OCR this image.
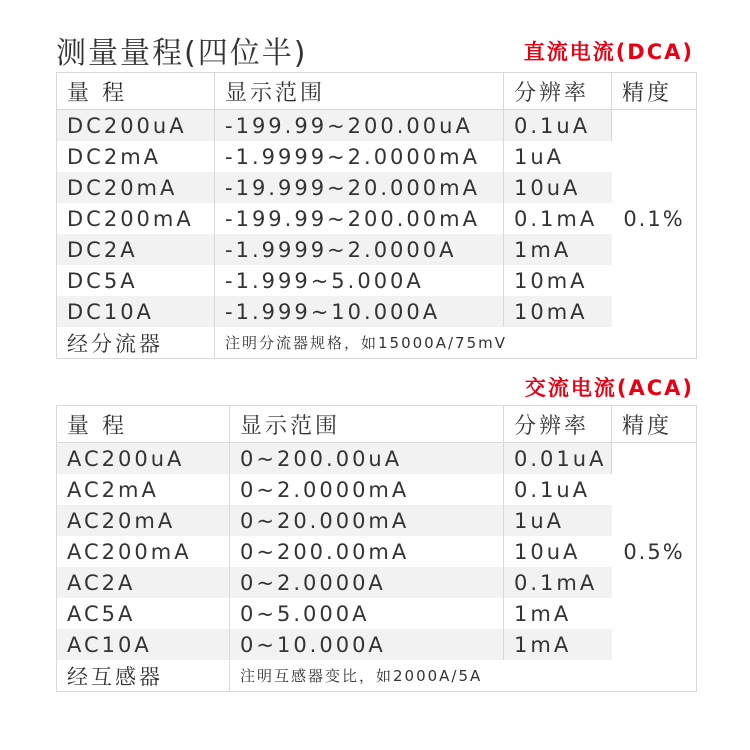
测量量程(四位半)	直流电流(DCA)
量 程	显示范围	分辨率	精度
DC200uA	-199.99~200.00uA	0.1uA	0.1%
DC2mA	-1.9999~2.0000mA	1uA	
DC20mA	-19.999~20.000mA	10uA	
DC200mA	-199.99~200.00mA	0.1mA	
DC2A	-1.9999~2.0000A	1mA	
DC5A	-1.999~5.000A	10mA	
DC10A	-1.999~10.000A	10mA	
经分流器	注明分流器规格，如15000A/75mV		
交流电流(ACA)
量 程	显示范围	分辨率	精度
AC200uA	0~200.00uA	0.01uA	0.5%
AC2mA	0~2.0000mA	0.1uA	
AC20mA	0~20.000mA	1uA	
AC200mA	0~200.00mA	10uA	
AC2A	0~2.0000A	0.1mA	
AC5A	0~5.000A	1mA	
AC10A	0~10.000A	1mA	
经互感器	注明互感器变比，如2000A/5A		
